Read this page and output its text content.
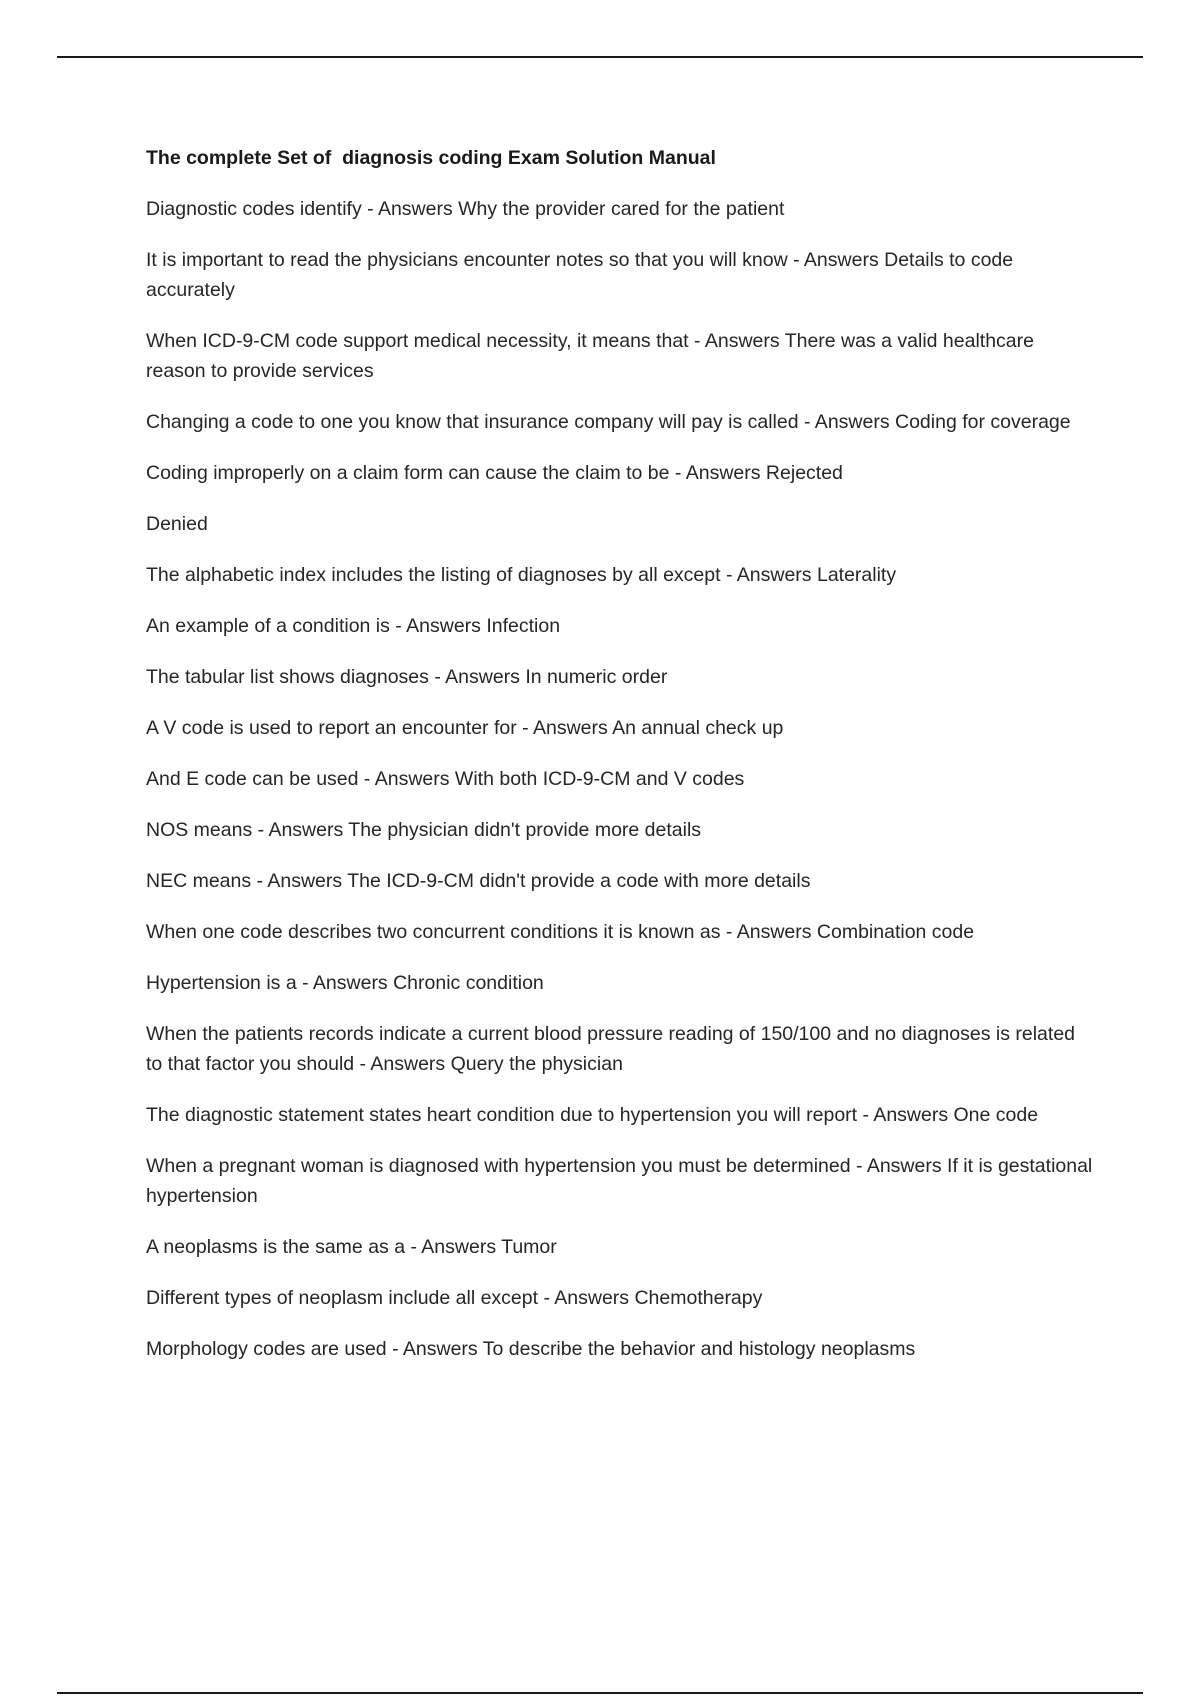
The complete Set of  diagnosis coding Exam Solution Manual
Diagnostic codes identify - Answers Why the provider cared for the patient
It is important to read the physicians encounter notes so that you will know - Answers Details to code accurately
When ICD-9-CM code support medical necessity, it means that - Answers There was a valid healthcare reason to provide services
Changing a code to one you know that insurance company will pay is called - Answers Coding for coverage
Coding improperly on a claim form can cause the claim to be - Answers Rejected
Denied
The alphabetic index includes the listing of diagnoses by all except - Answers Laterality
An example of a condition is - Answers Infection
The tabular list shows diagnoses - Answers In numeric order
A V code is used to report an encounter for - Answers An annual check up
And E code can be used - Answers With both ICD-9-CM and V codes
NOS means - Answers The physician didn't provide more details
NEC means - Answers The ICD-9-CM didn't provide a code with more details
When one code describes two concurrent conditions it is known as - Answers Combination code
Hypertension is a - Answers Chronic condition
When the patients records indicate a current blood pressure reading of 150/100 and no diagnoses is related to that factor you should - Answers Query the physician
The diagnostic statement states heart condition due to hypertension you will report - Answers One code
When a pregnant woman is diagnosed with hypertension you must be determined - Answers If it is gestational hypertension
A neoplasms is the same as a - Answers Tumor
Different types of neoplasm include all except - Answers Chemotherapy
Morphology codes are used - Answers To describe the behavior and histology neoplasms
